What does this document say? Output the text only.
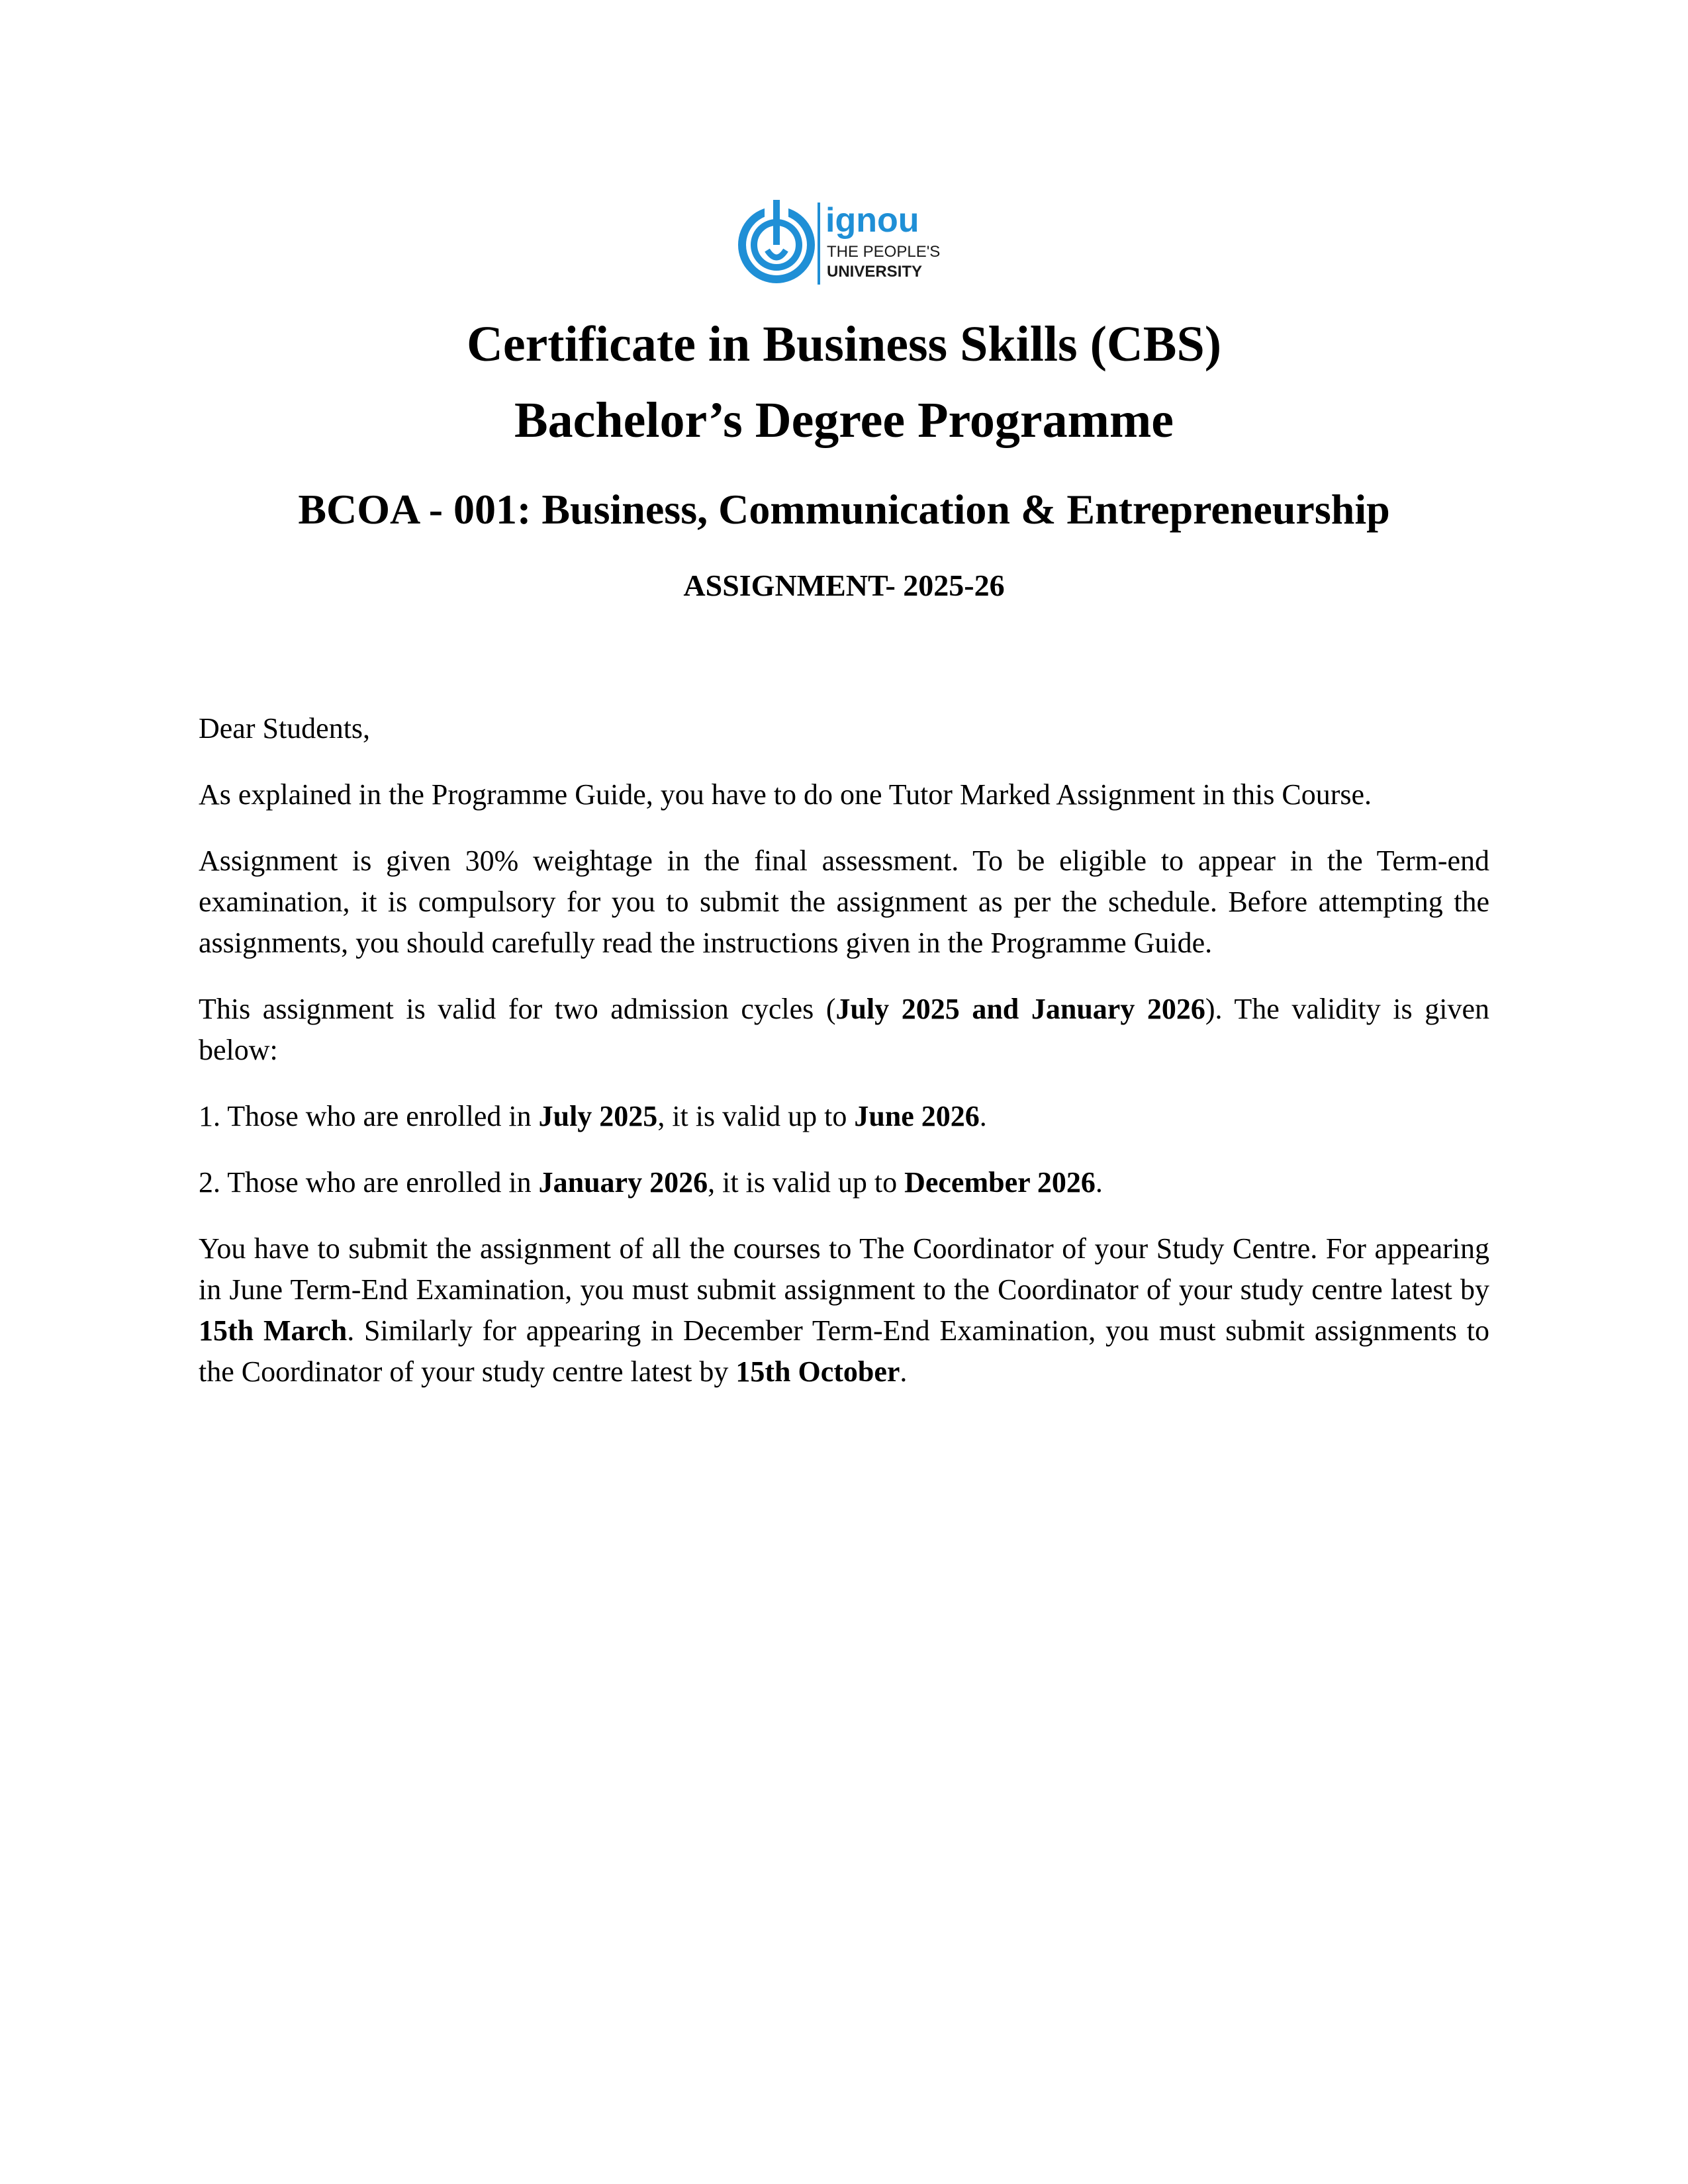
ignou
THE PEOPLE'S
UNIVERSITY
Certificate in Business Skills (CBS)
Bachelor’s Degree Programme
BCOA - 001: Business, Communication & Entrepreneurship
ASSIGNMENT- 2025-26

Dear Students,

As explained in the Programme Guide, you have to do one Tutor Marked Assignment in this Course.

Assignment is given 30% weightage in the final assessment. To be eligible to appear in the Term-end examination, it is compulsory for you to submit the assignment as per the schedule. Before attempting the assignments, you should carefully read the instructions given in the Programme Guide.

This assignment is valid for two admission cycles (July 2025 and January 2026). The validity is given below:

1. Those who are enrolled in July 2025, it is valid up to June 2026.

2. Those who are enrolled in January 2026, it is valid up to December 2026.

You have to submit the assignment of all the courses to The Coordinator of your Study Centre. For appearing in June Term-End Examination, you must submit assignment to the Coordinator of your study centre latest by 15th March. Similarly for appearing in December Term-End Examination, you must submit assignments to the Coordinator of your study centre latest by 15th October.
